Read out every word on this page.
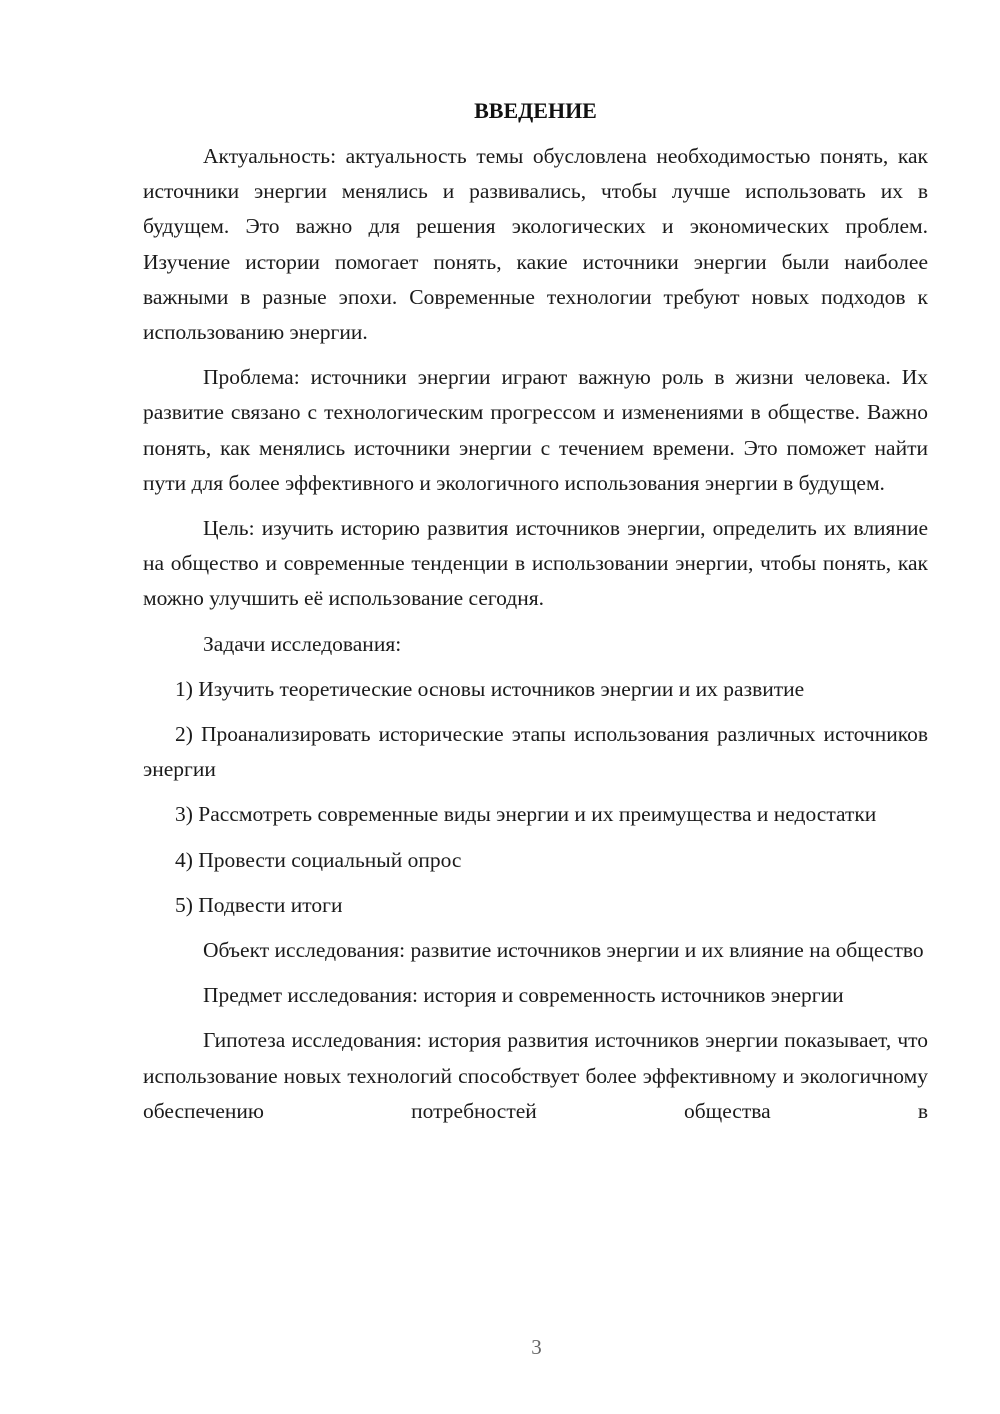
ВВЕДЕНИЕ

Актуальность: актуальность темы обусловлена необходимостью понять, как источники энергии менялись и развивались, чтобы лучше использовать их в будущем. Это важно для решения экологических и экономических проблем. Изучение истории помогает понять, какие источники энергии были наиболее важными в разные эпохи. Современные технологии требуют новых подходов к использованию энергии.

Проблема: источники энергии играют важную роль в жизни человека. Их развитие связано с технологическим прогрессом и изменениями в обществе. Важно понять, как менялись источники энергии с течением времени. Это поможет найти пути для более эффективного и экологичного использования энергии в будущем.

Цель: изучить историю развития источников энергии, определить их влияние на общество и современные тенденции в использовании энергии, чтобы понять, как можно улучшить её использование сегодня.

Задачи исследования:

1) Изучить теоретические основы источников энергии и их развитие

2) Проанализировать исторические этапы использования различных источников энергии

3) Рассмотреть современные виды энергии и их преимущества и недостатки

4) Провести социальный опрос

5) Подвести итоги

Объект исследования: развитие источников энергии и их влияние на общество

Предмет исследования: история и современность источников энергии

Гипотеза исследования: история развития источников энергии показывает, что использование новых технологий способствует более эффективному и экологичному обеспечению потребностей общества в

3
